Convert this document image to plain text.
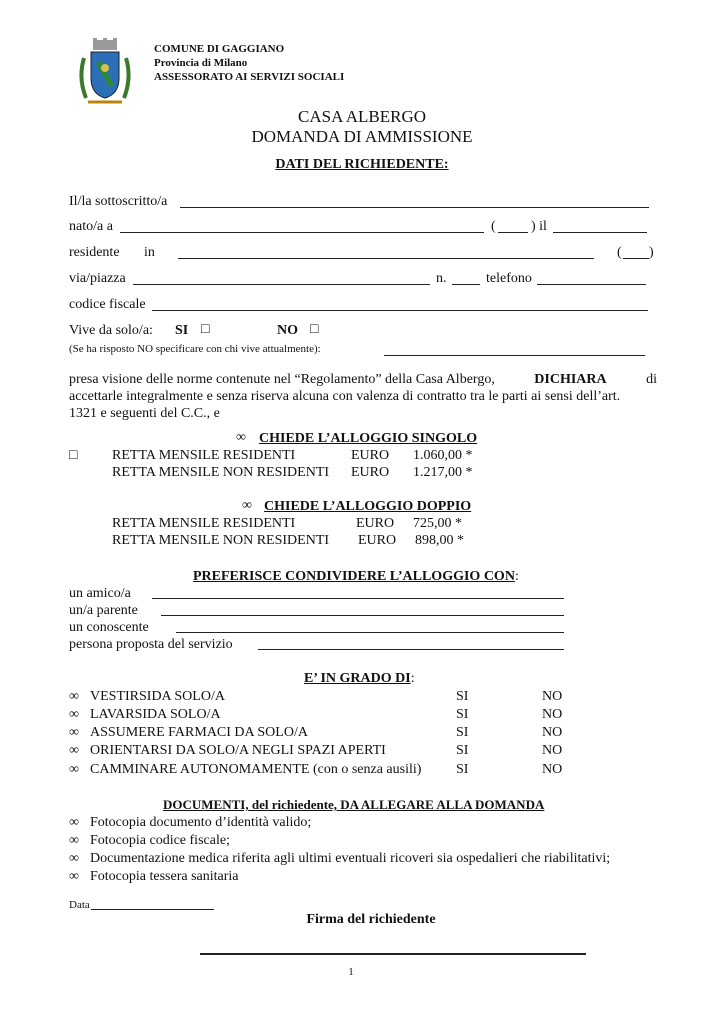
COMUNE DI GAGGIANO
Provincia di Milano
ASSESSORATO AI SERVIZI SOCIALI
CASA ALBERGO
DOMANDA DI AMMISSIONE
DATI DEL RICHIEDENTE:
Il/la sottoscritto/a
nato/a a	(	) il
residente in	( )
via/piazza	n.	telefono
codice fiscale
Vive da solo/a: SI □	NO □
(Se ha risposto NO specificare con chi vive attualmente):
presa visione delle norme contenute nel “Regolamento” della Casa Albergo,	DICHIARA	di
accettarle integralmente e senza riserva alcuna con valenza di contratto tra le parti ai sensi dell’art.
1321 e seguenti del C.C., e
∞ CHIEDE L’ALLOGGIO SINGOLO
□ RETTA MENSILE RESIDENTI	EURO 1.060,00 *
RETTA MENSILE NON RESIDENTI EURO 1.217,00 *
∞ CHIEDE L’ALLOGGIO DOPPIO
RETTA MENSILE RESIDENTI	EURO 725,00 *
RETTA MENSILE NON RESIDENTI EURO 898,00 *
PREFERISCE CONDIVIDERE L’ALLOGGIO CON:
un amico/a
un/a parente
un conoscente
persona proposta del servizio
E’ IN GRADO DI:
∞ VESTIRSIDA SOLO/A	SI	NO
∞ LAVARSIDA SOLO/A	SI	NO
∞ ASSUMERE FARMACI DA SOLO/A	SI	NO
∞ ORIENTARSI DA SOLO/A NEGLI SPAZI APERTI	SI	NO
∞ CAMMINARE AUTONOMAMENTE (con o senza ausili) SI	NO
DOCUMENTI, del richiedente, DA ALLEGARE ALLA DOMANDA
∞ Fotocopia documento d’identità valido;
∞ Fotocopia codice fiscale;
∞ Documentazione medica riferita agli ultimi eventuali ricoveri sia ospedalieri che riabilitativi;
∞ Fotocopia tessera sanitaria
Data
Firma del richiedente
1
